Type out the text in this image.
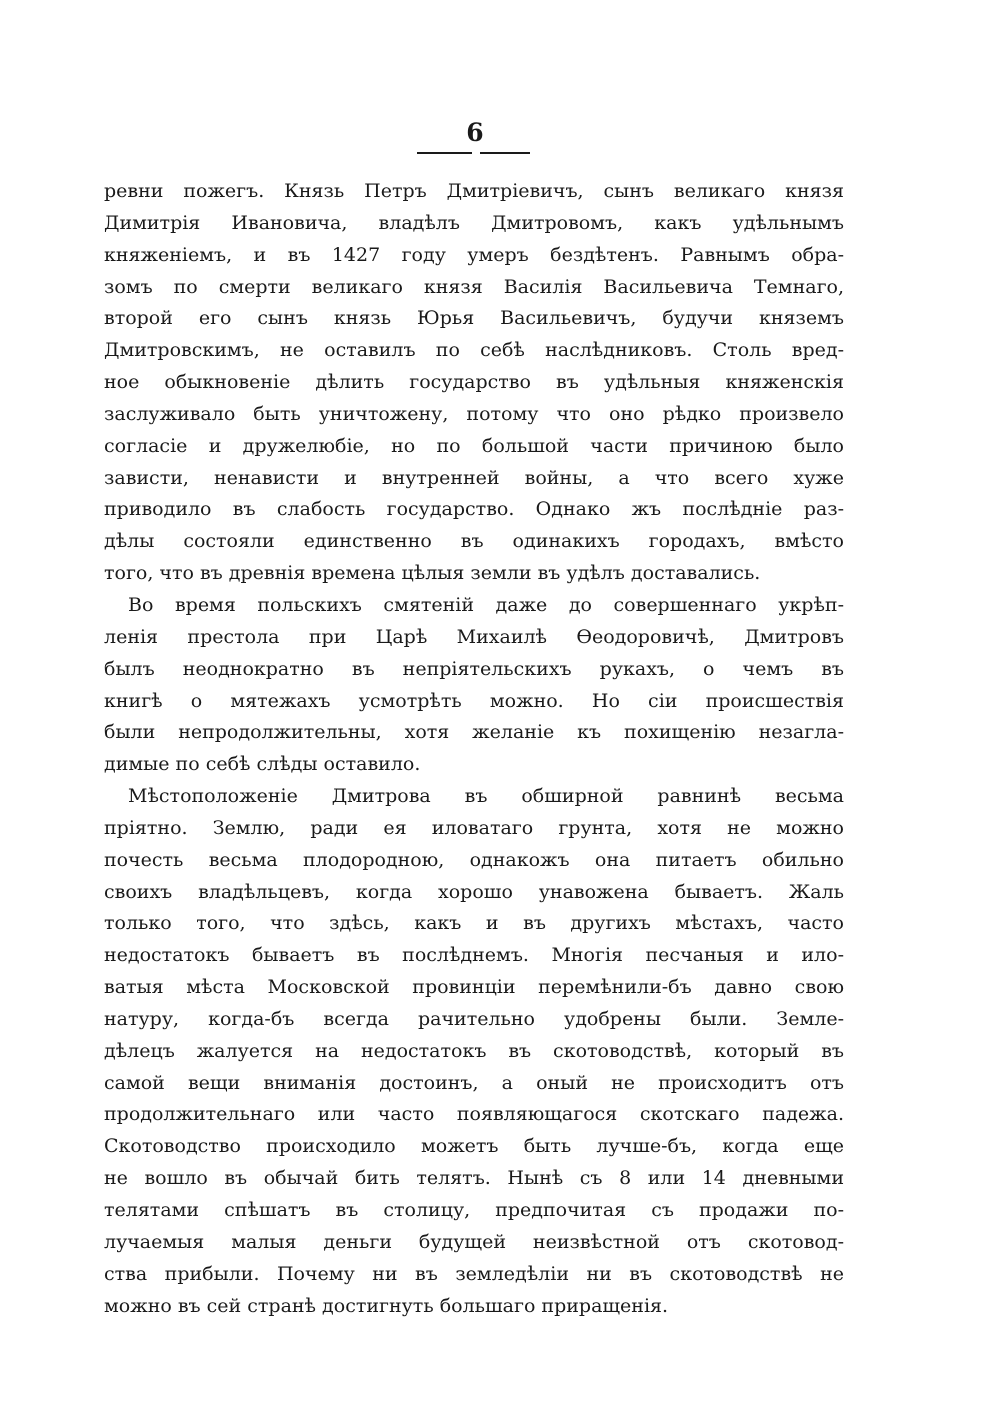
6
ревни пожегъ. Князь Петръ Дмитріевичъ, сынъ великаго князя
Димитрія Ивановича, владѣлъ Дмитровомъ, какъ удѣльнымъ
княженіемъ, и въ 1427 году умеръ бездѣтенъ. Равнымъ обра-
зомъ по смерти великаго князя Василія Васильевича Темнаго,
второй его сынъ князь Юрья Васильевичъ, будучи княземъ
Дмитровскимъ, не оставилъ по себѣ наслѣдниковъ. Столь вред-
ное обыкновеніе дѣлить государство въ удѣльныя княженскія
заслуживало быть уничтожену, потому что оно рѣдко произвело
согласіе и дружелюбіе, но по большой части причиною было
зависти, ненависти и внутренней войны, а что всего хуже
приводило въ слабость государство. Однако жъ послѣдніе раз-
дѣлы состояли единственно въ одинакихъ городахъ, вмѣсто
того, что въ древнія времена цѣлыя земли въ удѣлъ доставались.
Во время польскихъ смятеній даже до совершеннаго укрѣп-
ленія престола при Царѣ Михаилѣ Өеодоровичѣ, Дмитровъ
былъ неоднократно въ непріятельскихъ рукахъ, о чемъ въ
книгѣ о мятежахъ усмотрѣть можно. Но сіи происшествія
были непродолжительны, хотя желаніе къ похищенію незагла-
димые по себѣ слѣды оставило.
Мѣстоположеніе Дмитрова въ обширной равнинѣ весьма
пріятно. Землю, ради ея иловатаго грунта, хотя не можно
почесть весьма плодородною, однакожъ она питаетъ обильно
своихъ владѣльцевъ, когда хорошо унавожена бываетъ. Жаль
только того, что здѣсь, какъ и въ другихъ мѣстахъ, часто
недостатокъ бываетъ въ послѣднемъ. Многія песчаныя и ило-
ватыя мѣста Московской провинціи перемѣнили-бъ давно свою
натуру, когда-бъ всегда рачительно удобрены были. Земле-
дѣлецъ жалуется на недостатокъ въ скотоводствѣ, который въ
самой вещи вниманія достоинъ, а оный не происходитъ отъ
продолжительнаго или часто появляющагося скотскаго падежа.
Скотоводство происходило можетъ быть лучше-бъ, когда еще
не вошло въ обычай бить телятъ. Нынѣ съ 8 или 14 дневными
телятами спѣшатъ въ столицу, предпочитая съ продажи по-
лучаемыя малыя деньги будущей неизвѣстной отъ скотовод-
ства прибыли. Почему ни въ земледѣліи ни въ скотоводствѣ не
можно въ сей странѣ достигнуть большаго приращенія.
